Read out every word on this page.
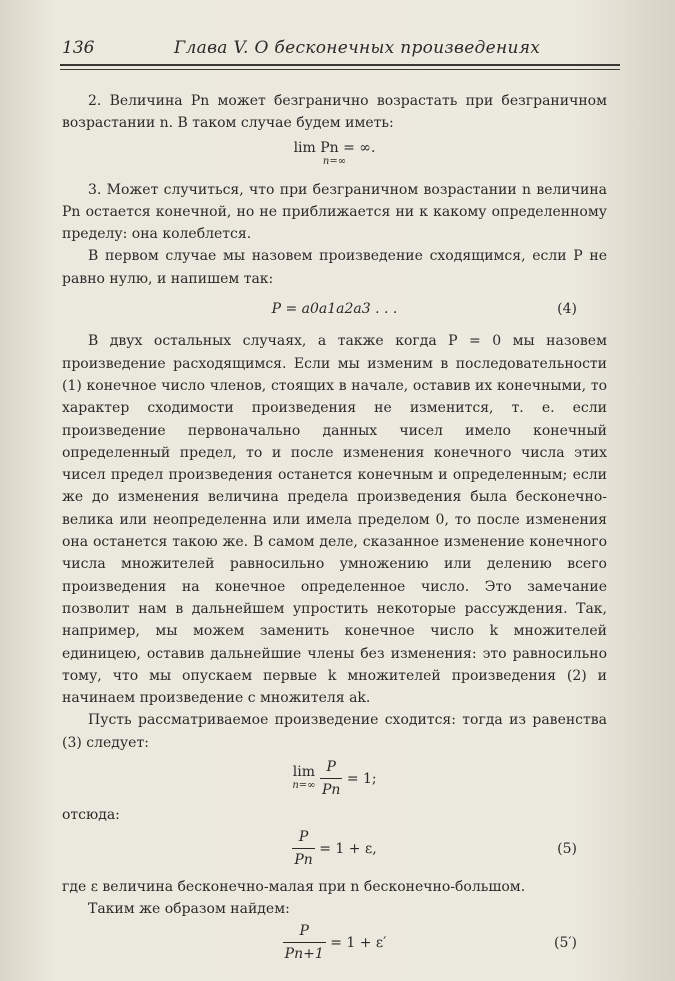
136	Глава V. О бесконечных произведениях

2. Величина Pn может безгранично возрастать при безграничном возрастании n. В таком случае будем иметь:

lim Pn = ∞.
n=∞

3. Может случиться, что при безграничном возрастании n величина Pn остается конечной, но не приближается ни к какому определенному пределу: она колеблется.

В первом случае мы назовем произведение сходящимся, если P не равно нулю, и напишем так:

P = a0a1a2a3 . . .	(4)

В двух остальных случаях, а также когда P = 0 мы назовем произведение расходящимся. Если мы изменим в последовательности (1) конечное число членов, стоящих в начале, оставив их конечными, то характер сходимости произведения не изменится, т. е. если произведение первоначально данных чисел имело конечный определенный предел, то и после изменения конечного числа этих чисел предел произведения останется конечным и определенным; если же до изменения величина предела произведения была бесконечно-велика или неопределенна или имела пределом 0, то после изменения она останется такою же. В самом деле, сказанное изменение конечного числа множителей равносильно умножению или делению всего произведения на конечное определенное число. Это замечание позволит нам в дальнейшем упростить некоторые рассуждения. Так, например, мы можем заменить конечное число k множителей единицею, оставив дальнейшие члены без изменения: это равносильно тому, что мы опускаем первые k множителей произведения (2) и начинаем произведение с множителя ak.

Пусть рассматриваемое произведение сходится: тогда из равенства (3) следует:

lim
n=∞
$\frac{P}{Pn} = 1$;

отсюда:

$\frac{P}{Pn} = 1 + \varepsilon$,	(5)

где ε величина бесконечно-малая при n бесконечно-большом.

Таким же образом найдем:

$\frac{P}{Pn+1} = 1 + \varepsilon'$	(5′)
